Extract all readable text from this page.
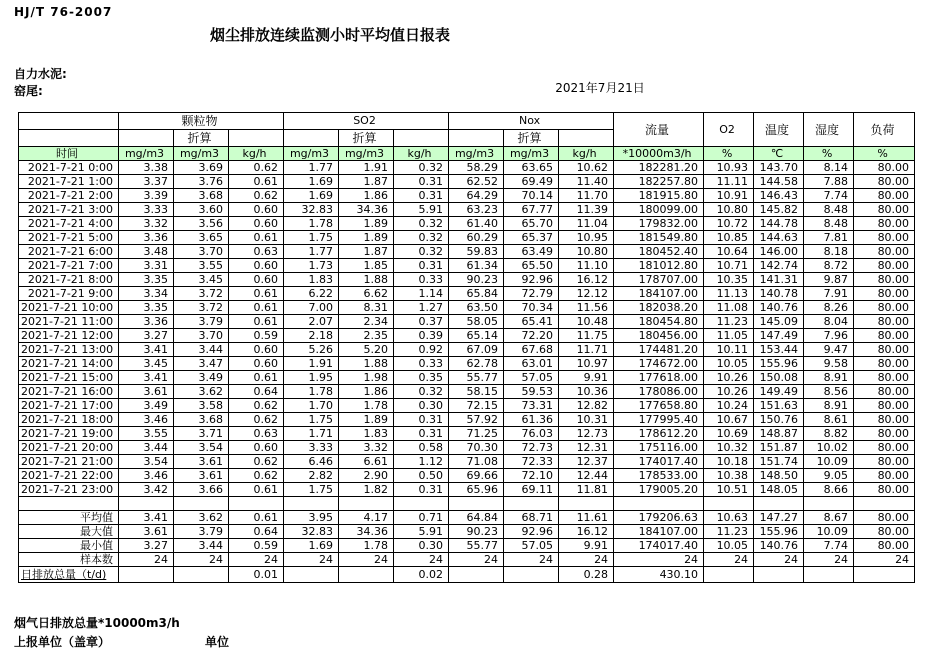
HJ/T 76-2007
烟尘排放连续监测小时平均值日报表
自力水泥:
窑尾:	2021年7月21日
	颗粒物			SO2			Nox			流量	O2	温度	湿度	负荷
		折算			折算			折算						
时间	mg/m3	mg/m3	kg/h	mg/m3	mg/m3	kg/h	mg/m3	mg/m3	kg/h	*10000m3/h	%	℃	%	%
2021-7-21 0:00	3.38	3.69	0.62	1.77	1.91	0.32	58.29	63.65	10.62	182281.20	10.93	143.70	8.14	80.00
2021-7-21 1:00	3.37	3.76	0.61	1.69	1.87	0.31	62.52	69.49	11.40	182257.80	11.11	144.58	7.88	80.00
2021-7-21 2:00	3.39	3.68	0.62	1.69	1.86	0.31	64.29	70.14	11.70	181915.80	10.91	146.43	7.74	80.00
2021-7-21 3:00	3.33	3.60	0.60	32.83	34.36	5.91	63.23	67.77	11.39	180099.00	10.80	145.82	8.48	80.00
2021-7-21 4:00	3.32	3.56	0.60	1.78	1.89	0.32	61.40	65.70	11.04	179832.00	10.72	144.78	8.48	80.00
2021-7-21 5:00	3.36	3.65	0.61	1.75	1.89	0.32	60.29	65.37	10.95	181549.80	10.85	144.63	7.81	80.00
2021-7-21 6:00	3.48	3.70	0.63	1.77	1.87	0.32	59.83	63.49	10.80	180452.40	10.64	146.00	8.18	80.00
2021-7-21 7:00	3.31	3.55	0.60	1.73	1.85	0.31	61.34	65.50	11.10	181012.80	10.71	142.74	8.72	80.00
2021-7-21 8:00	3.35	3.45	0.60	1.83	1.88	0.33	90.23	92.96	16.12	178707.00	10.35	141.31	9.87	80.00
2021-7-21 9:00	3.34	3.72	0.61	6.22	6.62	1.14	65.84	72.79	12.12	184107.00	11.13	140.78	7.91	80.00
2021-7-21 10:00	3.35	3.72	0.61	7.00	8.31	1.27	63.50	70.34	11.56	182038.20	11.08	140.76	8.26	80.00
2021-7-21 11:00	3.36	3.79	0.61	2.07	2.34	0.37	58.05	65.41	10.48	180454.80	11.23	145.09	8.04	80.00
2021-7-21 12:00	3.27	3.70	0.59	2.18	2.35	0.39	65.14	72.20	11.75	180456.00	11.05	147.49	7.96	80.00
2021-7-21 13:00	3.41	3.44	0.60	5.26	5.20	0.92	67.09	67.68	11.71	174481.20	10.11	153.44	9.47	80.00
2021-7-21 14:00	3.45	3.47	0.60	1.91	1.88	0.33	62.78	63.01	10.97	174672.00	10.05	155.96	9.58	80.00
2021-7-21 15:00	3.41	3.49	0.61	1.95	1.98	0.35	55.77	57.05	9.91	177618.00	10.26	150.08	8.91	80.00
2021-7-21 16:00	3.61	3.62	0.64	1.78	1.86	0.32	58.15	59.53	10.36	178086.00	10.26	149.49	8.56	80.00
2021-7-21 17:00	3.49	3.58	0.62	1.70	1.78	0.30	72.15	73.31	12.82	177658.80	10.24	151.63	8.91	80.00
2021-7-21 18:00	3.46	3.68	0.62	1.75	1.89	0.31	57.92	61.36	10.31	177995.40	10.67	150.76	8.61	80.00
2021-7-21 19:00	3.55	3.71	0.63	1.71	1.83	0.31	71.25	76.03	12.73	178612.20	10.69	148.87	8.82	80.00
2021-7-21 20:00	3.44	3.54	0.60	3.33	3.32	0.58	70.30	72.73	12.31	175116.00	10.32	151.87	10.02	80.00
2021-7-21 21:00	3.54	3.61	0.62	6.46	6.61	1.12	71.08	72.33	12.37	174017.40	10.18	151.74	10.09	80.00
2021-7-21 22:00	3.46	3.61	0.62	2.82	2.90	0.50	69.66	72.10	12.44	178533.00	10.38	148.50	9.05	80.00
2021-7-21 23:00	3.42	3.66	0.61	1.75	1.82	0.31	65.96	69.11	11.81	179005.20	10.51	148.05	8.66	80.00

平均值	3.41	3.62	0.61	3.95	4.17	0.71	64.84	68.71	11.61	179206.63	10.63	147.27	8.67	80.00
最大值	3.61	3.79	0.64	32.83	34.36	5.91	90.23	92.96	16.12	184107.00	11.23	155.96	10.09	80.00
最小值	3.27	3.44	0.59	1.69	1.78	0.30	55.77	57.05	9.91	174017.40	10.05	140.76	7.74	80.00
样本数	24	24	24	24	24	24	24	24	24	24	24	24	24	24
日排放总量（t/d)			0.01			0.02			0.28	430.10				
烟气日排放总量*10000m3/h
上报单位（盖章）	单位
